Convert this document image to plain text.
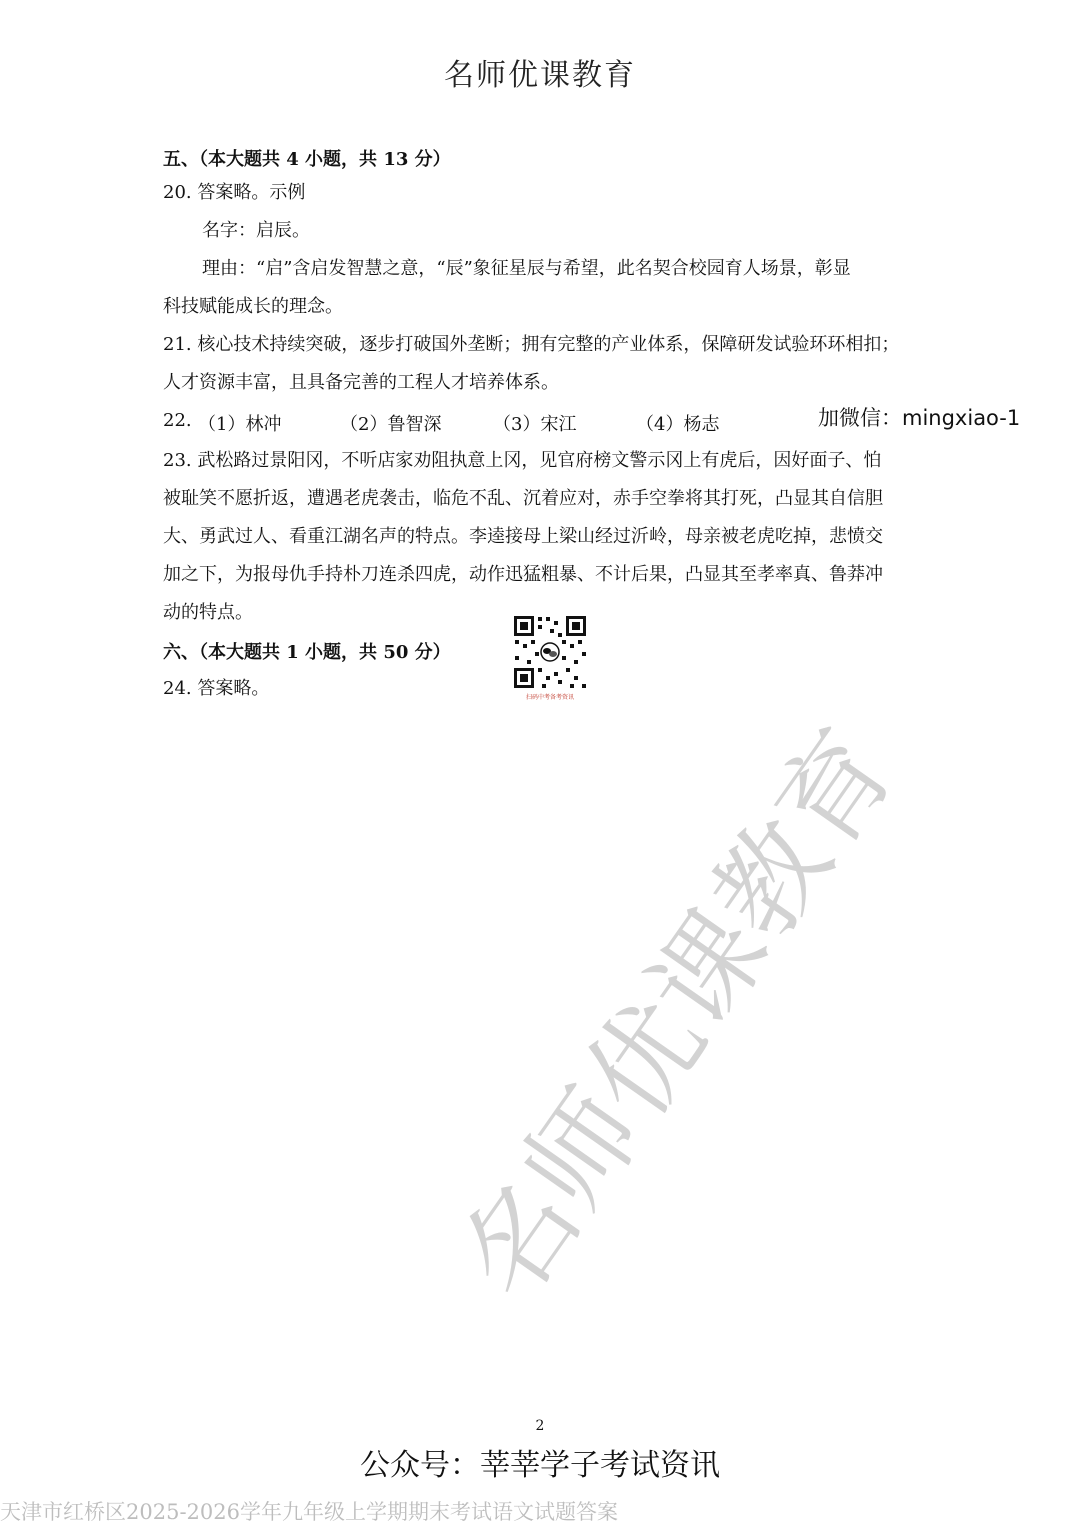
名师优课教育
五、（本大题共 4 小题，共 13 分）
20. 答案略。示例
名字：启辰。
理由：“启”含启发智慧之意，“辰”象征星辰与希望，此名契合校园育人场景，彰显
科技赋能成长的理念。
21. 核心技术持续突破，逐步打破国外垄断；拥有完整的产业体系，保障研发试验环环相扣；
人才资源丰富，且具备完善的工程人才培养体系。
22. （1）林冲	（2）鲁智深	（3）宋江	（4）杨志	加微信：mingxiao-1
23. 武松路过景阳冈，不听店家劝阻执意上冈，见官府榜文警示冈上有虎后，因好面子、怕
被耻笑不愿折返，遭遇老虎袭击，临危不乱、沉着应对，赤手空拳将其打死，凸显其自信胆
大、勇武过人、看重江湖名声的特点。李逵接母上梁山经过沂岭，母亲被老虎吃掉，悲愤交
加之下，为报母仇手持朴刀连杀四虎，动作迅猛粗暴、不计后果，凸显其至孝率真、鲁莽冲
动的特点。
六、（本大题共 1 小题，共 50 分）
24. 答案略。	扫码中考备考资讯
名师优课教育
2
公众号：莘莘学子考试资讯
天津市红桥区2025-2026学年九年级上学期期末考试语文试题答案
